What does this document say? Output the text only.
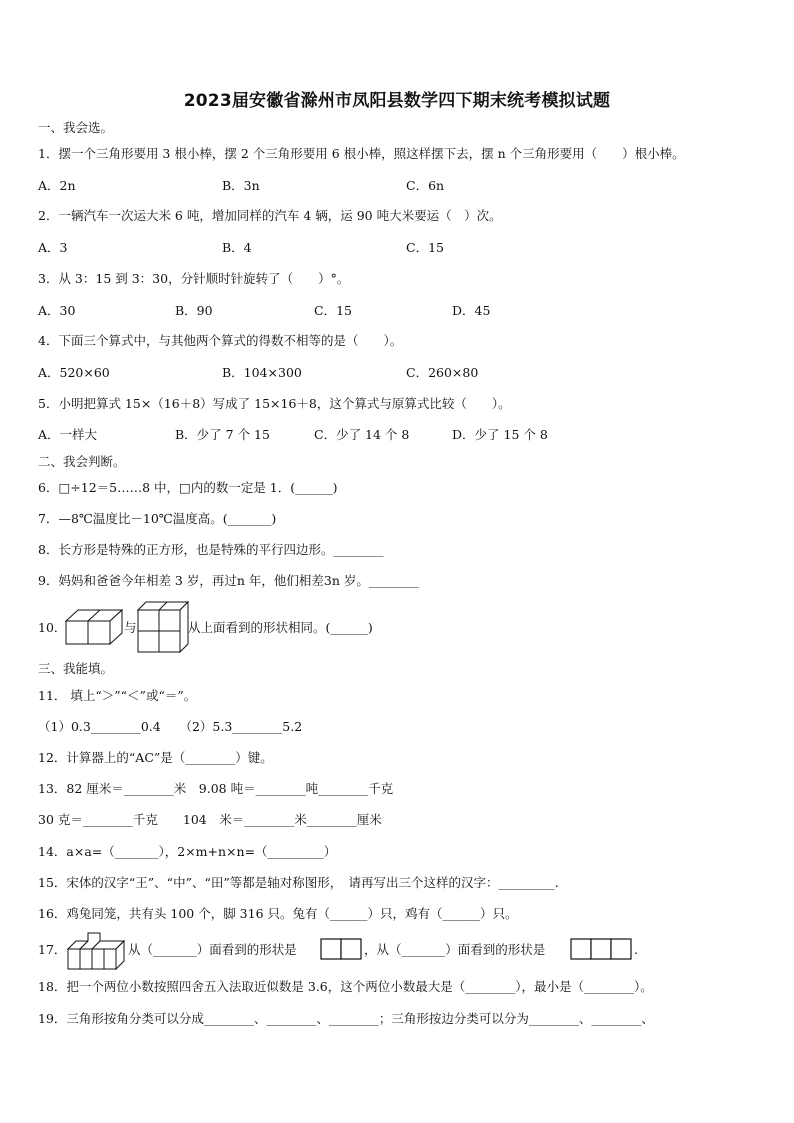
2023届安徽省滁州市凤阳县数学四下期末统考模拟试题
一、我会选。
1．摆一个三角形要用 3 根小棒，摆 2 个三角形要用 6 根小棒，照这样摆下去，摆 n 个三角形要用（　　）根小棒。
A．2n	B．3n	C．6n
2．一辆汽车一次运大米 6 吨，增加同样的汽车 4 辆，运 90 吨大米要运（　）次。
A．3	B．4	C．15
3．从 3：15 到 3：30，分针顺时针旋转了（　　）°。
A．30	B．90	C．15	D．45
4．下面三个算式中，与其他两个算式的得数不相等的是（　　）。
A．520×60	B．104×300	C．260×80
5．小明把算式 15×（16＋8）写成了 15×16＋8，这个算式与原算式比较（　　）。
A．一样大	B．少了 7 个 15	C．少了 14 个 8	D．少了 15 个 8
二、我会判断。
6．□÷12＝5……8 中，□内的数一定是 1．(______)
7．—8℃温度比－10℃温度高。(_______)
8．长方形是特殊的正方形，也是特殊的平行四边形。________
9．妈妈和爸爸今年相差 3 岁，再过n 年，他们相差3n 岁。________
10．	与	从上面看到的形状相同。(______)
三、我能填。
11． 填上“＞”“＜”或“＝”。
（1）0.3________0.4　　（2）5.3________5.2
12．计算器上的“AC”是（________）键。
13．82 厘米＝________米　9.08 吨＝________吨________千克
30 克＝________千克　　104　米＝________米________厘米
14．a×a=（_______），2×m+n×n=（_________）
15．宋体的汉字“王”、“中”、“田”等都是轴对称图形，　请再写出三个这样的汉字：_________.
16．鸡兔同笼，共有头 100 个，脚 316 只。兔有（______）只，鸡有（______）只。
17．	从（_______）面看到的形状是	，从（_______）面看到的形状是	.
18．把一个两位小数按照四舍五入法取近似数是 3.6，这个两位小数最大是（________），最小是（________）。
19．三角形按角分类可以分成________、________、________；三角形按边分类可以分为________、________、
